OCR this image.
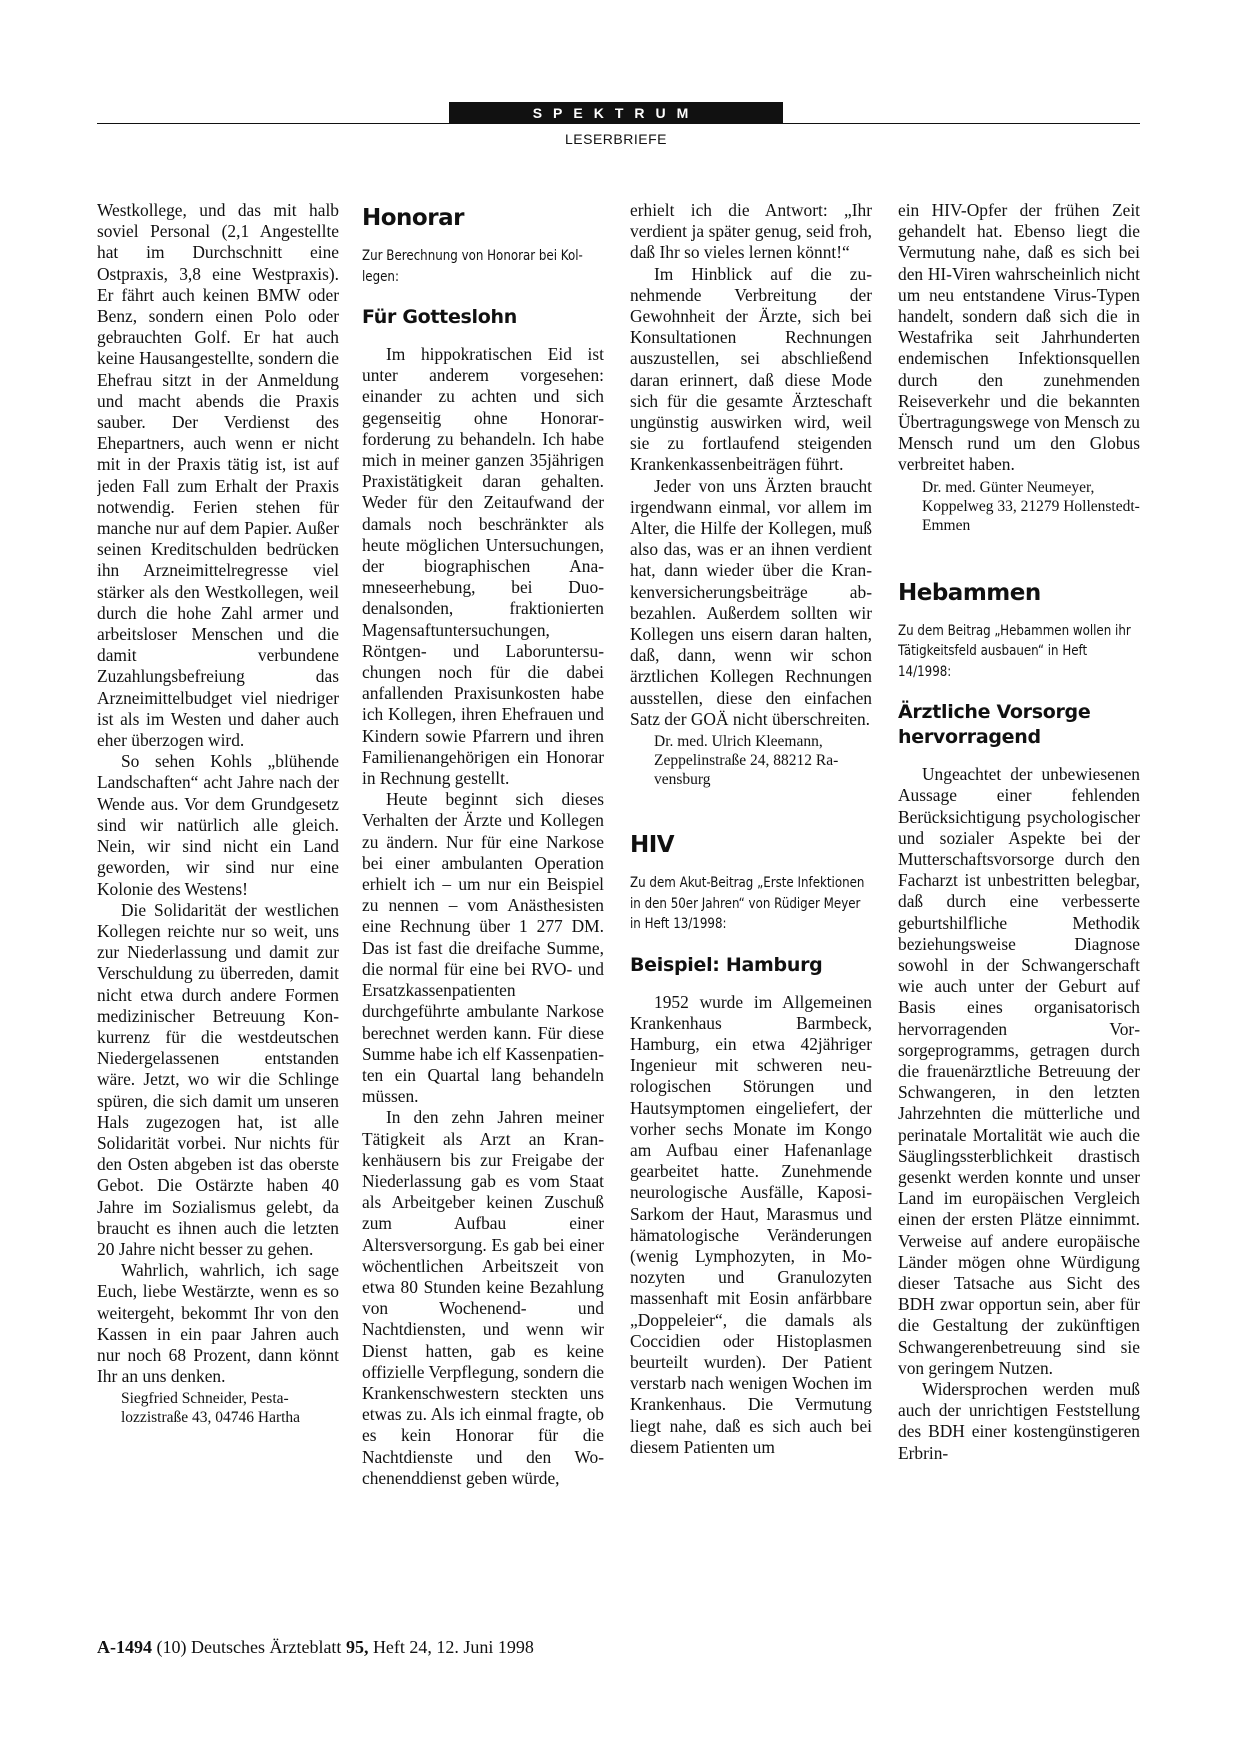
SPEKTRUM
LESERBRIEFE

Westkollege, und das mit halb soviel Personal (2,1 Angestellte hat im Durchschnitt eine Ostpraxis, 3,8 eine Westpraxis). Er fährt auch keinen BMW oder Benz, sondern einen Polo oder gebrauchten Golf. Er hat auch keine Hausangestellte, sondern die Ehefrau sitzt in der Anmeldung und macht abends die Praxis sauber. Der Verdienst des Ehepartners, auch wenn er nicht mit in der Praxis tätig ist, ist auf jeden Fall zum Erhalt der Praxis notwendig. Ferien stehen für manche nur auf dem Papier. Außer seinen Kreditschulden bedrücken ihn Arzneimittelregresse viel stärker als den Westkollegen, weil durch die hohe Zahl armer und arbeitsloser Menschen und die damit verbundene Zuzahlungsbefreiung das Arzneimittelbudget viel niedriger ist als im Westen und daher auch eher überzogen wird.

So sehen Kohls „blühende Landschaften“ acht Jahre nach der Wende aus. Vor dem Grundgesetz sind wir natürlich alle gleich. Nein, wir sind nicht ein Land geworden, wir sind nur eine Kolonie des Westens!

Die Solidarität der westlichen Kollegen reichte nur so weit, uns zur Niederlassung und damit zur Verschuldung zu überreden, damit nicht etwa durch andere Formen medizinischer Betreuung Konkurrenz für die westdeutschen Niedergelassenen entstanden wäre. Jetzt, wo wir die Schlinge spüren, die sich damit um unseren Hals zugezogen hat, ist alle Solidarität vorbei. Nur nichts für den Osten abgeben ist das oberste Gebot. Die Ostärzte haben 40 Jahre im Sozialismus gelebt, da braucht es ihnen auch die letzten 20 Jahre nicht besser zu gehen.

Wahrlich, wahrlich, ich sage Euch, liebe Westärzte, wenn es so weitergeht, bekommt Ihr von den Kassen in ein paar Jahren auch nur noch 68 Prozent, dann könnt Ihr an uns denken.

Siegfried Schneider, Pestalozzistraße 43, 04746 Hartha
Honorar
Zur Berechnung von Honorar bei Kollegen:
Für Gotteslohn

Im hippokratischen Eid ist unter anderem vorgesehen: einander zu achten und sich gegenseitig ohne Honorarforderung zu behandeln. Ich habe mich in meiner ganzen 35jährigen Praxistätigkeit daran gehalten. Weder für den Zeitaufwand der damals noch beschränkter als heute möglichen Untersuchungen, der biographischen Anamneseerhebung, bei Duodenalsonden, fraktionierten Magensaftuntersuchungen, Röntgen- und Laboruntersuchungen noch für die dabei anfallenden Praxisunkosten habe ich Kollegen, ihren Ehefrauen und Kindern sowie Pfarrern und ihren Familienangehörigen ein Honorar in Rechnung gestellt.

Heute beginnt sich dieses Verhalten der Ärzte und Kollegen zu ändern. Nur für eine Narkose bei einer ambulanten Operation erhielt ich – um nur ein Beispiel zu nennen – vom Anästhesisten eine Rechnung über 1 277 DM. Das ist fast die dreifache Summe, die normal für eine bei RVO- und Ersatzkassenpatienten durchgeführte ambulante Narkose berechnet werden kann. Für diese Summe habe ich elf Kassenpatienten ein Quartal lang behandeln müssen.

In den zehn Jahren meiner Tätigkeit als Arzt an Krankenhäusern bis zur Freigabe der Niederlassung gab es vom Staat als Arbeitgeber keinen Zuschuß zum Aufbau einer Altersversorgung. Es gab bei einer wöchentlichen Arbeitszeit von etwa 80 Stunden keine Bezahlung von Wochenend- und Nachtdiensten, und wenn wir Dienst hatten, gab es keine offizielle Verpflegung, sondern die Krankenschwestern steckten uns etwas zu. Als ich einmal fragte, ob es kein Honorar für die Nachtdienste und den Wochenenddienst geben würde,

erhielt ich die Antwort: „Ihr verdient ja später genug, seid froh, daß Ihr so vieles lernen könnt!“

Im Hinblick auf die zunehmende Verbreitung der Gewohnheit der Ärzte, sich bei Konsultationen Rechnungen auszustellen, sei abschließend daran erinnert, daß diese Mode sich für die gesamte Ärzteschaft ungünstig auswirken wird, weil sie zu fortlaufend steigenden Krankenkassenbeiträgen führt.

Jeder von uns Ärzten braucht irgendwann einmal, vor allem im Alter, die Hilfe der Kollegen, muß also das, was er an ihnen verdient hat, dann wieder über die Krankenversicherungsbeiträge abbezahlen. Außerdem sollten wir Kollegen uns eisern daran halten, daß, dann, wenn wir schon ärztlichen Kollegen Rechnungen ausstellen, diese den einfachen Satz der GOÄ nicht überschreiten.

Dr. med. Ulrich Kleemann, Zeppelinstraße 24, 88212 Ravensburg
HIV
Zu dem Akut-Beitrag „Erste Infektionen in den 50er Jahren“ von Rüdiger Meyer in Heft 13/1998:
Beispiel: Hamburg

1952 wurde im Allgemeinen Krankenhaus Barmbeck, Hamburg, ein etwa 42jähriger Ingenieur mit schweren neurologischen Störungen und Hautsymptomen eingeliefert, der vorher sechs Monate im Kongo am Aufbau einer Hafenanlage gearbeitet hatte. Zunehmende neurologische Ausfälle, Kaposi-Sarkom der Haut, Marasmus und hämatologische Veränderungen (wenig Lymphozyten, in Monozyten und Granulozyten massenhaft mit Eosin anfärbbare „Doppeleier“, die damals als Coccidien oder Histoplasmen beurteilt wurden). Der Patient verstarb nach wenigen Wochen im Krankenhaus. Die Vermutung liegt nahe, daß es sich auch bei diesem Patienten um

ein HIV-Opfer der frühen Zeit gehandelt hat. Ebenso liegt die Vermutung nahe, daß es sich bei den HI-Viren wahrscheinlich nicht um neu entstandene Virus-Typen handelt, sondern daß sich die in Westafrika seit Jahrhunderten endemischen Infektionsquellen durch den zunehmenden Reiseverkehr und die bekannten Übertragungswege von Mensch zu Mensch rund um den Globus verbreitet haben.

Dr. med. Günter Neumeyer, Koppelweg 33, 21279 Hollenstedt-Emmen
Hebammen
Zu dem Beitrag „Hebammen wollen ihr Tätigkeitsfeld ausbauen“ in Heft 14/1998:
Ärztliche Vorsorge hervorragend

Ungeachtet der unbewiesenen Aussage einer fehlenden Berücksichtigung psychologischer und sozialer Aspekte bei der Mutterschaftsvorsorge durch den Facharzt ist unbestritten belegbar, daß durch eine verbesserte geburtshilfliche Methodik beziehungsweise Diagnose sowohl in der Schwangerschaft wie auch unter der Geburt auf Basis eines organisatorisch hervorragenden Vorsorgeprogramms, getragen durch die frauenärztliche Betreuung der Schwangeren, in den letzten Jahrzehnten die mütterliche und perinatale Mortalität wie auch die Säuglingssterblichkeit drastisch gesenkt werden konnte und unser Land im europäischen Vergleich einen der ersten Plätze einnimmt. Verweise auf andere europäische Länder mögen ohne Würdigung dieser Tatsache aus Sicht des BDH zwar opportun sein, aber für die Gestaltung der zukünftigen Schwangerenbetreuung sind sie von geringem Nutzen.

Widersprochen werden muß auch der unrichtigen Feststellung des BDH einer kostengünstigeren Erbrin-

A-1494 (10) Deutsches Ärzteblatt 95, Heft 24, 12. Juni 1998
